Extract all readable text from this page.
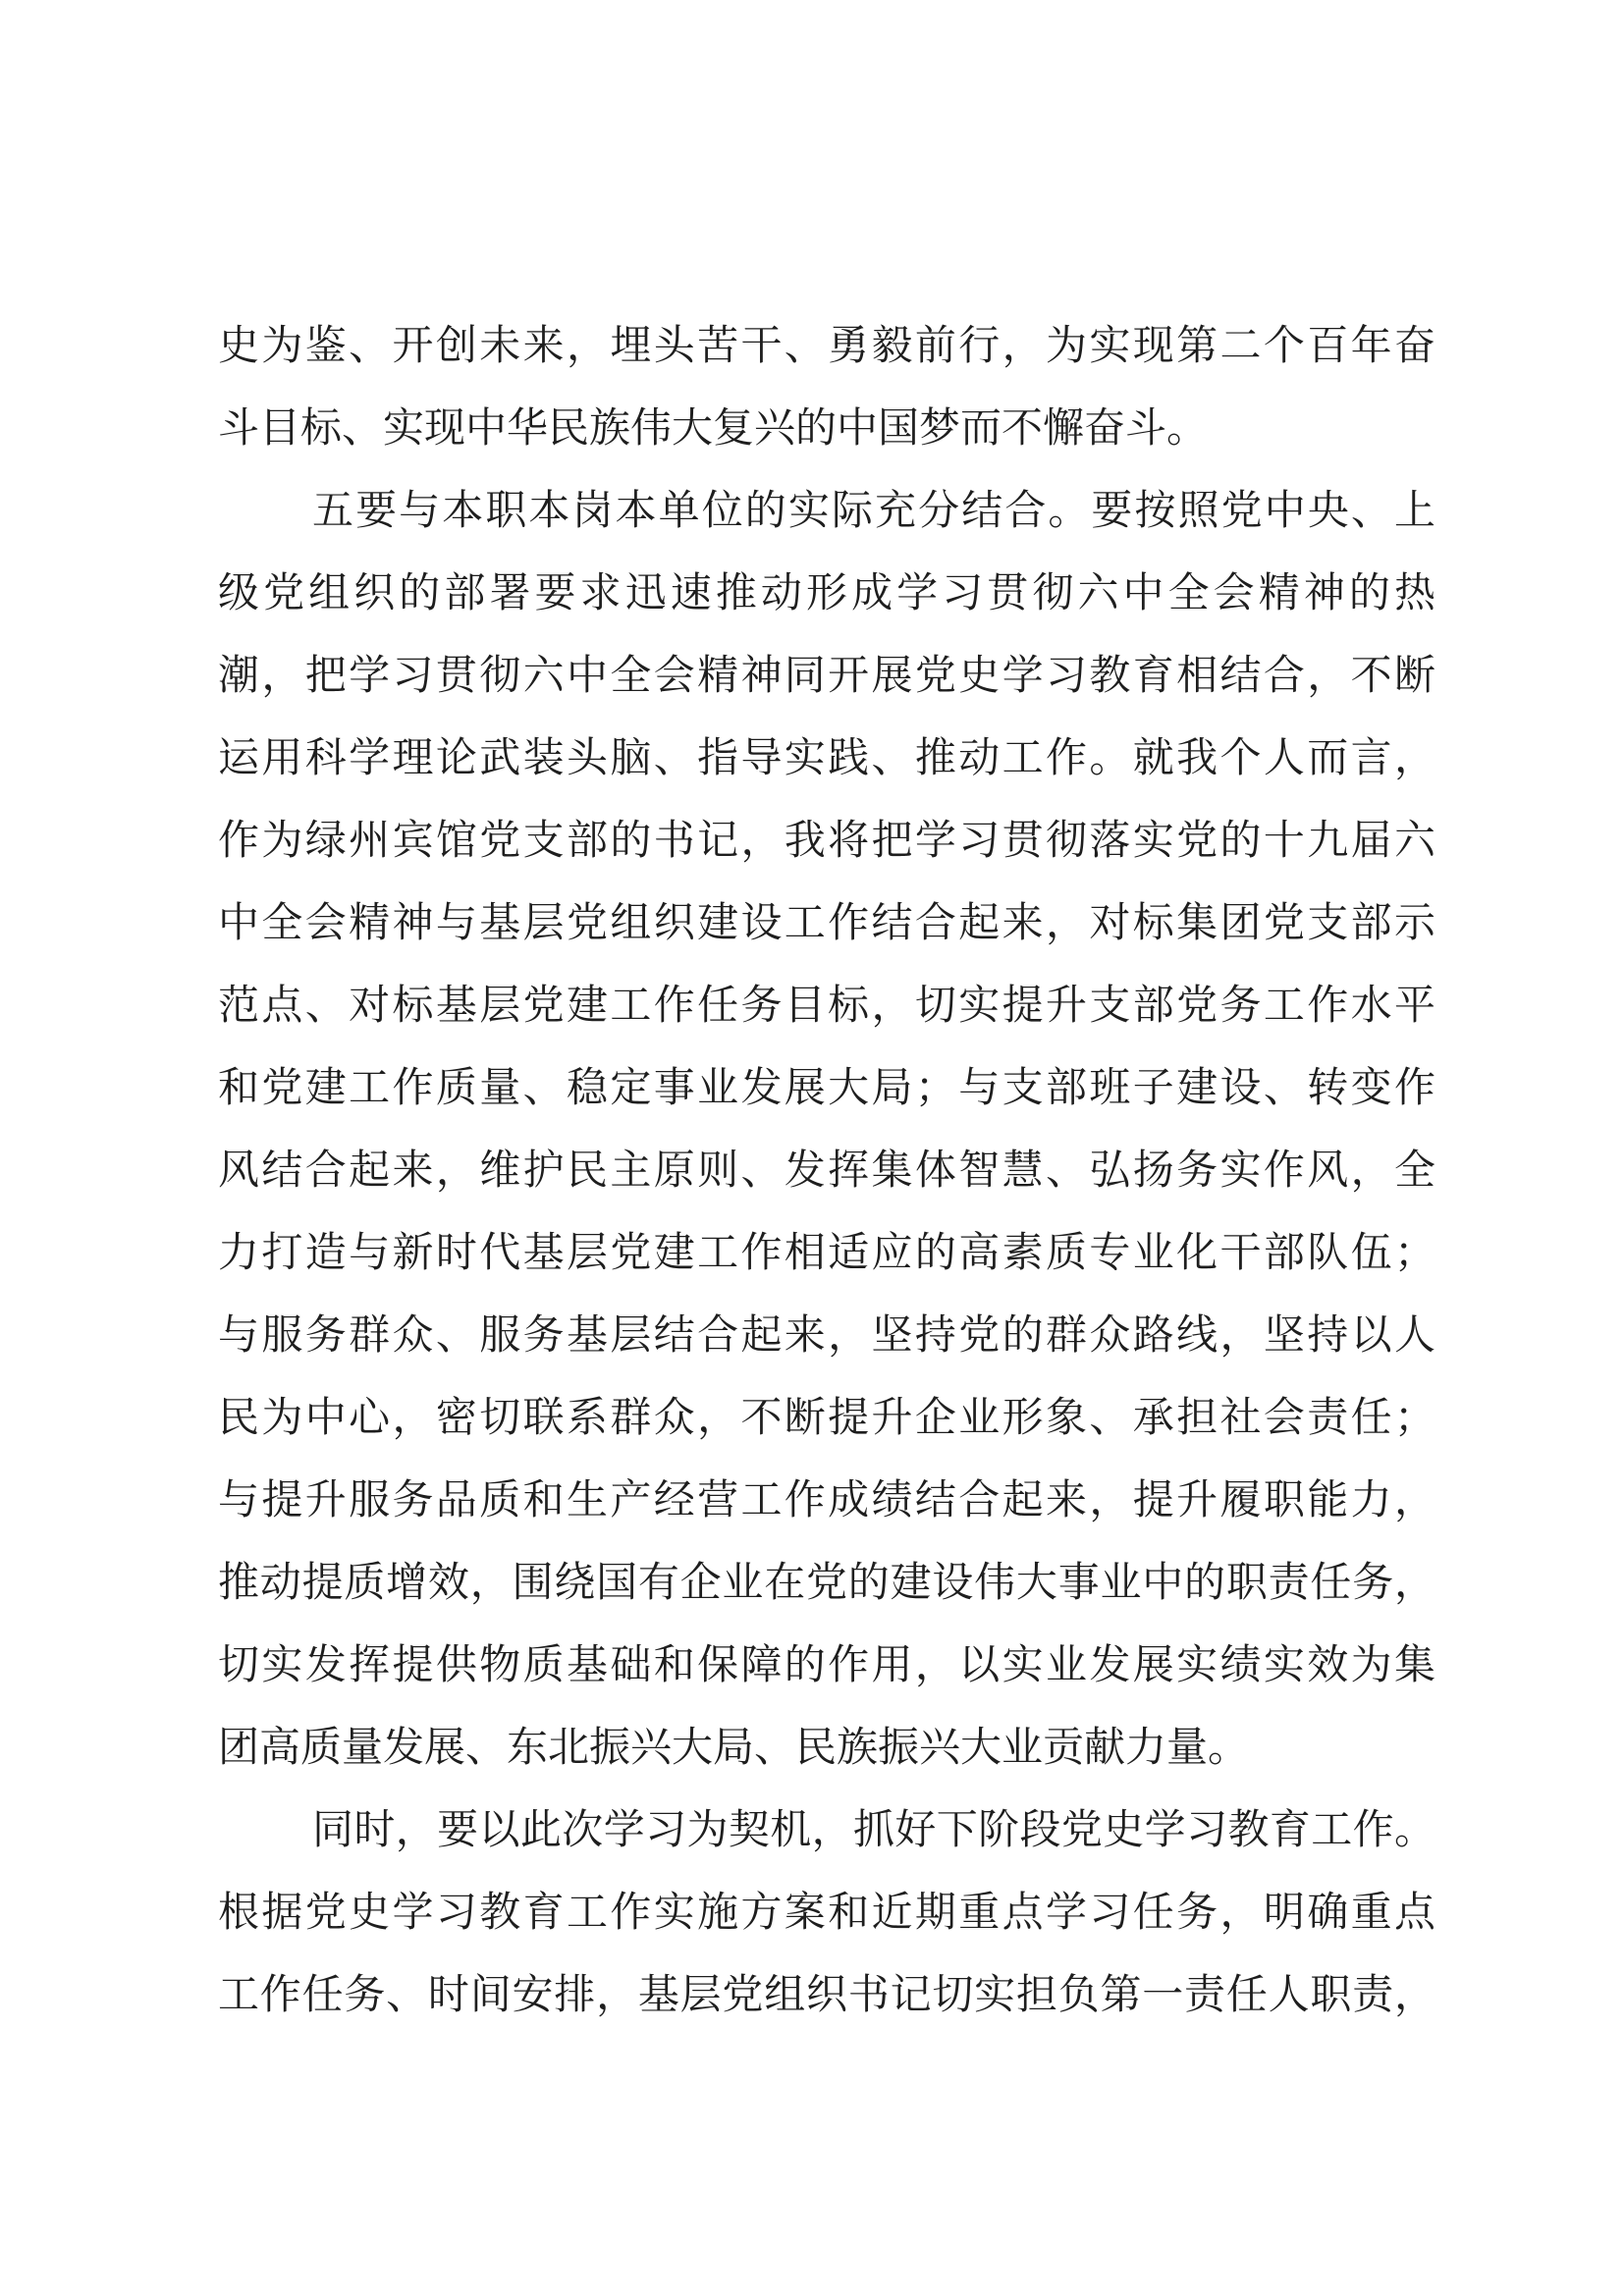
史为鉴、开创未来，埋头苦干、勇毅前行，为实现第二个百年奋
斗目标、实现中华民族伟大复兴的中国梦而不懈奋斗。
五要与本职本岗本单位的实际充分结合。要按照党中央、上
级党组织的部署要求迅速推动形成学习贯彻六中全会精神的热
潮，把学习贯彻六中全会精神同开展党史学习教育相结合，不断
运用科学理论武装头脑、指导实践、推动工作。就我个人而言，
作为绿州宾馆党支部的书记，我将把学习贯彻落实党的十九届六
中全会精神与基层党组织建设工作结合起来，对标集团党支部示
范点、对标基层党建工作任务目标，切实提升支部党务工作水平
和党建工作质量、稳定事业发展大局；与支部班子建设、转变作
风结合起来，维护民主原则、发挥集体智慧、弘扬务实作风，全
力打造与新时代基层党建工作相适应的高素质专业化干部队伍；
与服务群众、服务基层结合起来，坚持党的群众路线，坚持以人
民为中心，密切联系群众，不断提升企业形象、承担社会责任；
与提升服务品质和生产经营工作成绩结合起来，提升履职能力，
推动提质增效，围绕国有企业在党的建设伟大事业中的职责任务，
切实发挥提供物质基础和保障的作用，以实业发展实绩实效为集
团高质量发展、东北振兴大局、民族振兴大业贡献力量。
同时，要以此次学习为契机，抓好下阶段党史学习教育工作。
根据党史学习教育工作实施方案和近期重点学习任务，明确重点
工作任务、时间安排，基层党组织书记切实担负第一责任人职责，
